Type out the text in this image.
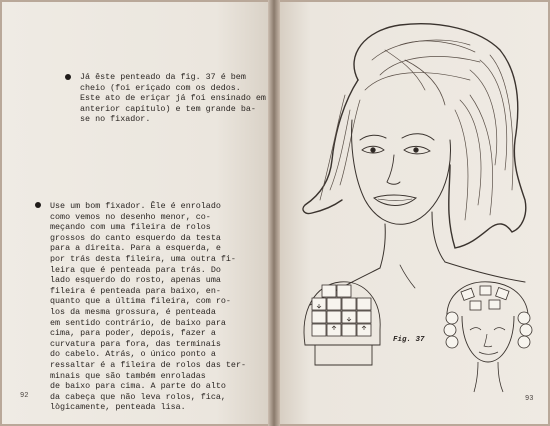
Já êste penteado da fig. 37 é bem
cheio (foi eriçado com os dedos.
Este ato de eriçar já foi ensinado em
anterior capítulo) e tem grande ba-
se no fixador.
Use um bom fixador. Êle é enrolado
como vemos no desenho menor, co-
meçando com uma fileira de rolos
grossos do canto esquerdo da testa
para a direita. Para a esquerda, e
por trás desta fileira, uma outra fi-
leira que é penteada para trás. Do
lado esquerdo do rosto, apenas uma
fileira é penteada para baixo, en-
quanto que a última fileira, com ro-
los da mesma grossura, é penteada
em sentido contrário, de baixo para
cima, para poder, depois, fazer a
curvatura para fora, das terminais
do cabelo. Atrás, o único ponto a
ressaltar é a fileira de rolos das ter-
minais que são também enroladas
de baixo para cima. A parte do alto
da cabeça que não leva rolos, fica,
lògicamente, penteada lisa.
92
Fig. 37
93
